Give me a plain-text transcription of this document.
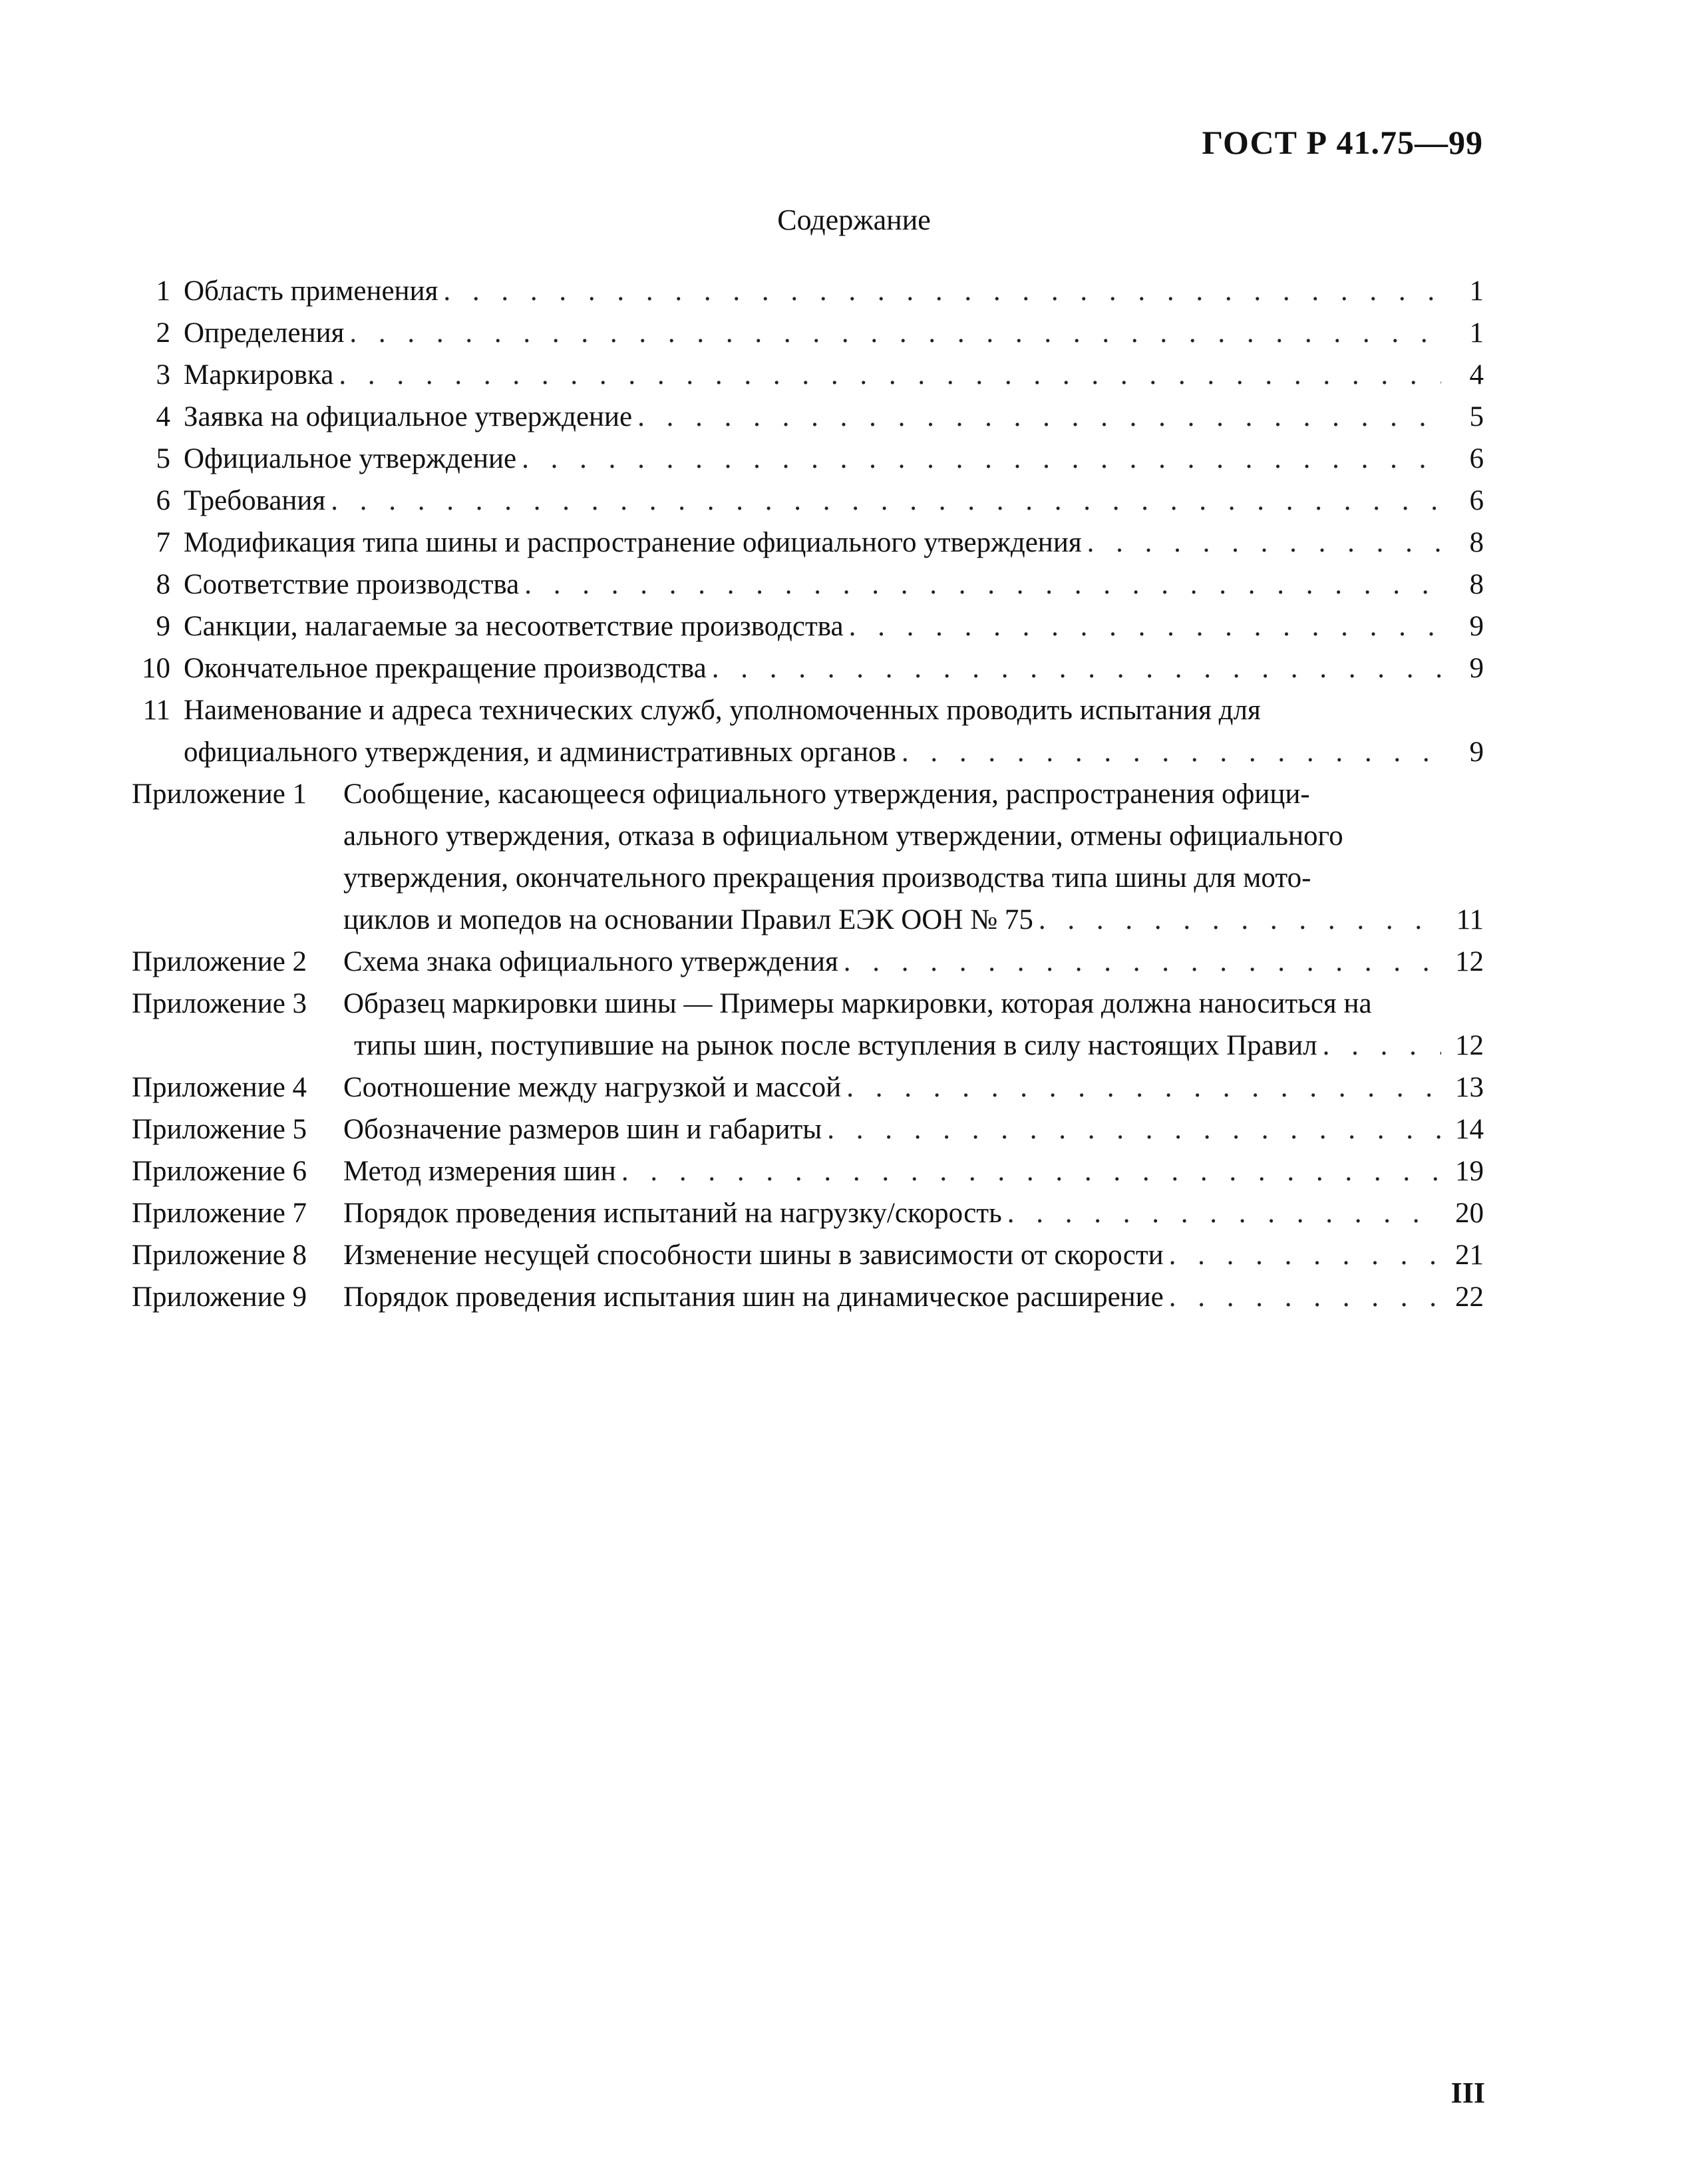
ГОСТ Р 41.75—99
Содержание
1 Область применения . . .	1
2 Определения . . .	1
3 Маркировка . . .	4
4 Заявка на официальное утверждение . . .	5
5 Официальное утверждение . . .	6
6 Требования . . .	6
7 Модификация типа шины и распространение официального утверждения . . .	8
8 Соответствие производства . . .	8
9 Санкции, налагаемые за несоответствие производства . . .	9
10 Окончательное прекращение производства . . .	9
11 Наименование и адреса технических служб, уполномоченных проводить испытания для
официального утверждения, и административных органов . . .	9
Приложение 1	Сообщение, касающееся официального утверждения, распространения офици-
ального утверждения, отказа в официальном утверждении, отмены официального
утверждения, окончательного прекращения производства типа шины для мото-
циклов и мопедов на основании Правил ЕЭК ООН № 75 . . .	11
Приложение 2	Схема знака официального утверждения . . .	12
Приложение 3	Образец маркировки шины — Примеры маркировки, которая должна наноситься на
типы шин, поступившие на рынок после вступления в силу настоящих Правил . . .	12
Приложение 4	Соотношение между нагрузкой и массой . . .	13
Приложение 5	Обозначение размеров шин и габариты . . .	14
Приложение 6	Метод измерения шин . . .	19
Приложение 7	Порядок проведения испытаний на нагрузку/скорость . . .	20
Приложение 8	Изменение несущей способности шины в зависимости от скорости . . .	21
Приложение 9	Порядок проведения испытания шин на динамическое расширение . . .	22
III
